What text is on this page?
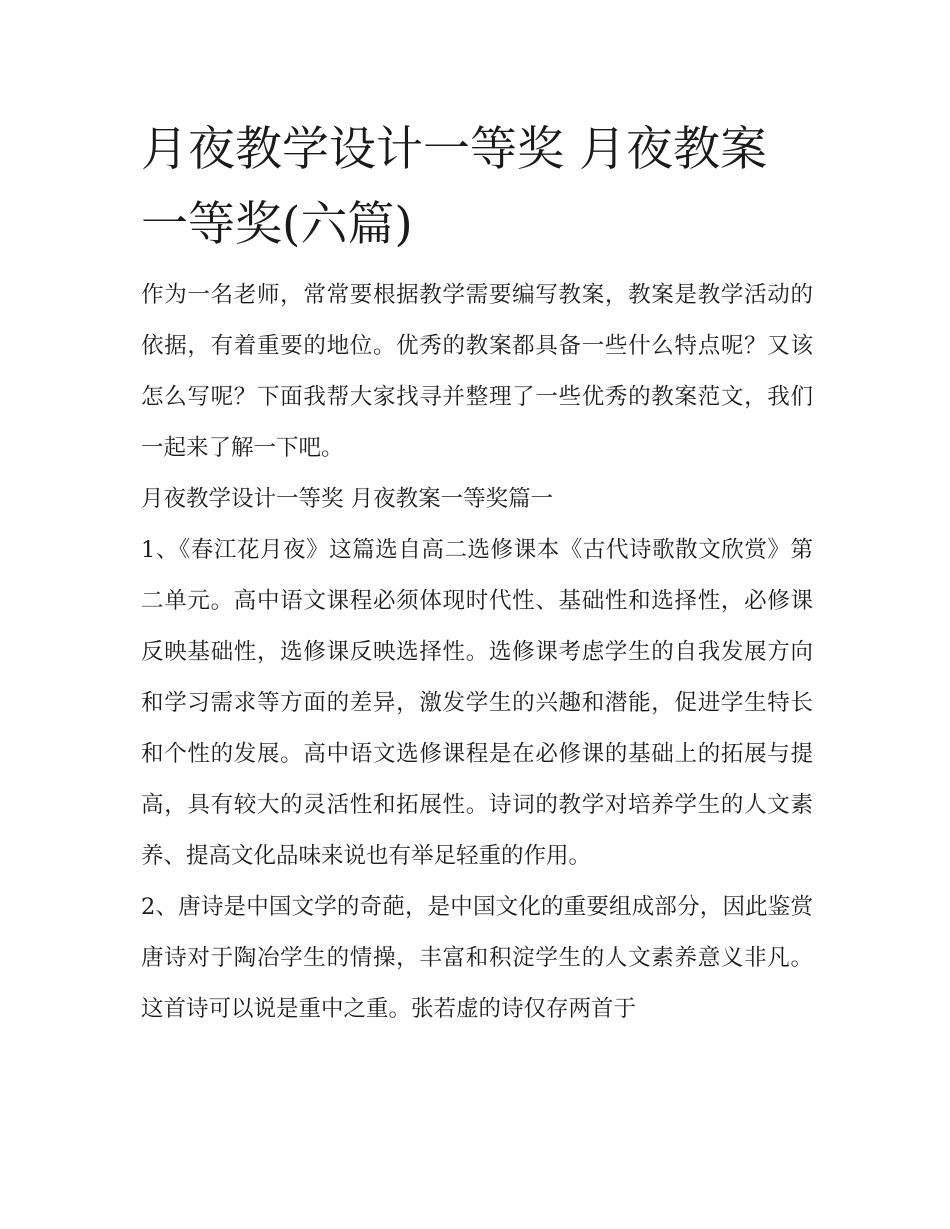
月夜教学设计一等奖 月夜教案一等奖(六篇)

作为一名老师，常常要根据教学需要编写教案，教案是教学活动的依据，有着重要的地位。优秀的教案都具备一些什么特点呢？又该怎么写呢？下面我帮大家找寻并整理了一些优秀的教案范文，我们一起来了解一下吧。

月夜教学设计一等奖 月夜教案一等奖篇一

1、《春江花月夜》这篇选自高二选修课本《古代诗歌散文欣赏》第二单元。高中语文课程必须体现时代性、基础性和选择性，必修课反映基础性，选修课反映选择性。选修课考虑学生的自我发展方向和学习需求等方面的差异，激发学生的兴趣和潜能，促进学生特长和个性的发展。高中语文选修课程是在必修课的基础上的拓展与提高，具有较大的灵活性和拓展性。诗词的教学对培养学生的人文素养、提高文化品味来说也有举足轻重的作用。

2、唐诗是中国文学的奇葩，是中国文化的重要组成部分，因此鉴赏唐诗对于陶冶学生的情操，丰富和积淀学生的人文素养意义非凡。这首诗可以说是重中之重。张若虚的诗仅存两首于
